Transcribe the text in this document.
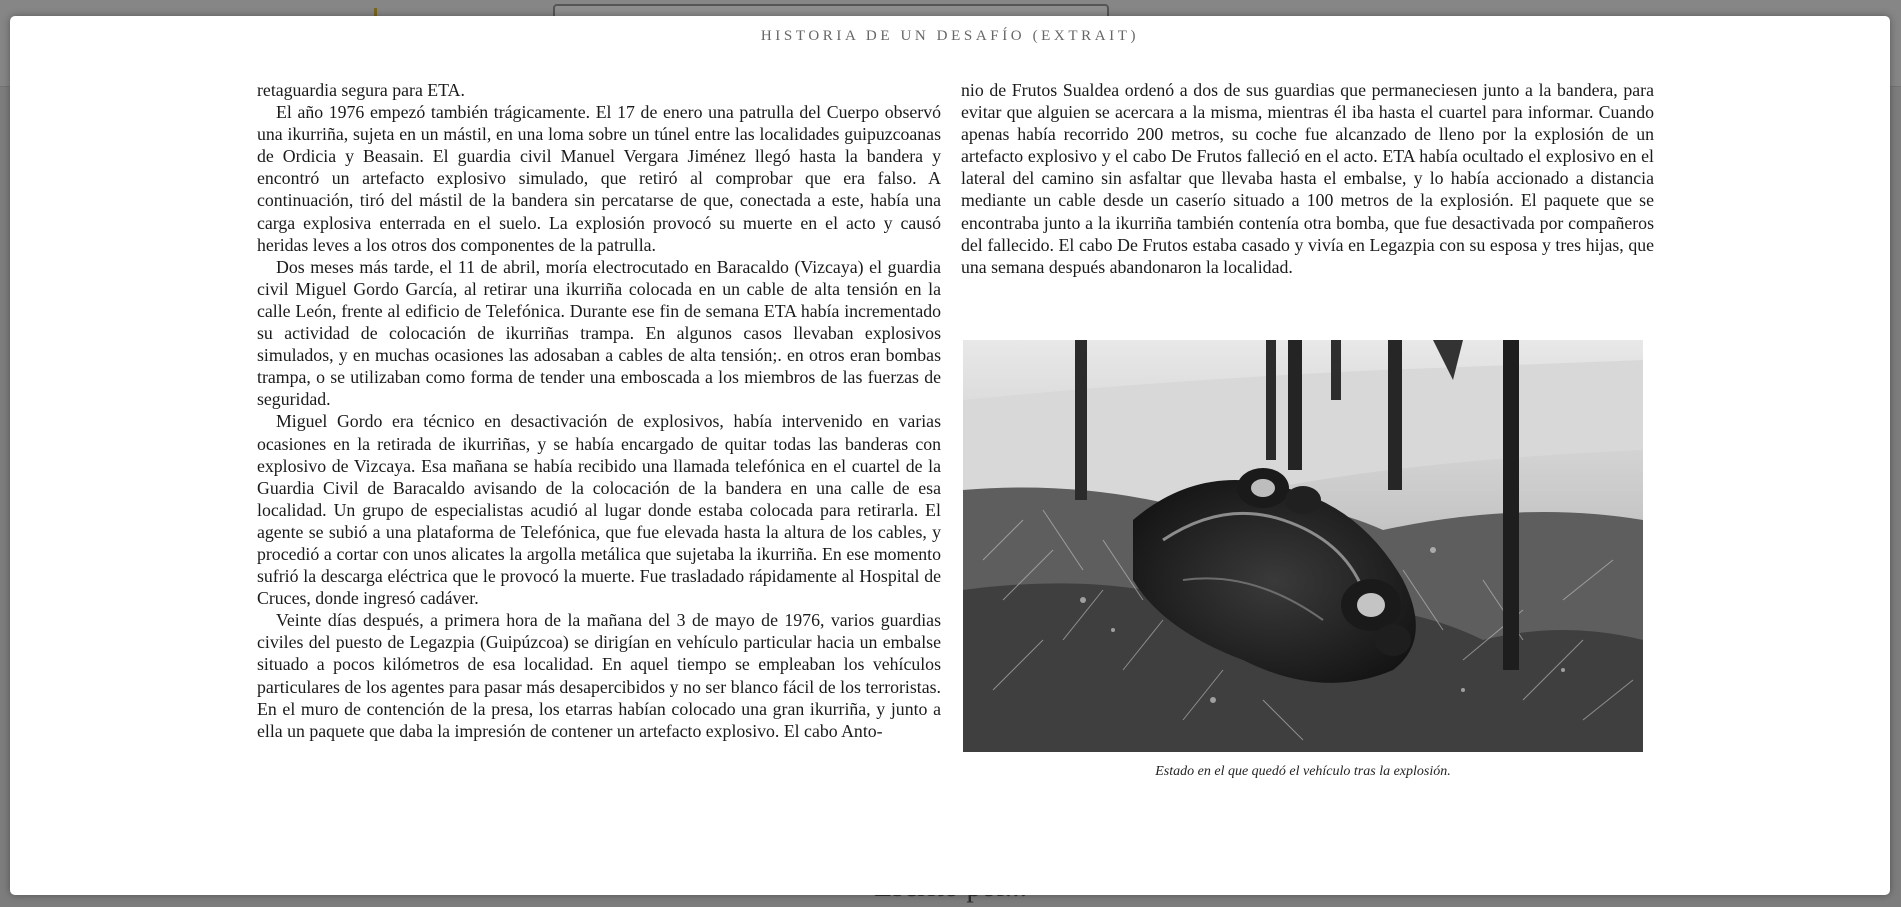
HISTORIA DE UN DESAFÍO (EXTRAIT)

retaguardia segura para ETA.

El año 1976 empezó también trágicamente. El 17 de enero una patrulla del Cuerpo observó una ikurriña, sujeta en un mástil, en una loma sobre un túnel entre las localidades guipuzcoanas de Ordicia y Beasain. El guardia civil Manuel Vergara Jiménez llegó hasta la bandera y encontró un artefacto explosivo simulado, que retiró al comprobar que era falso. A continuación, tiró del mástil de la bandera sin percatarse de que, conectada a este, había una carga explosiva enterrada en el suelo. La explosión provocó su muerte en el acto y causó heridas leves a los otros dos componentes de la patrulla.

Dos meses más tarde, el 11 de abril, moría electrocutado en Baracaldo (Vizcaya) el guardia civil Miguel Gordo García, al retirar una ikurriña colocada en un cable de alta tensión en la calle León, frente al edificio de Telefónica. Durante ese fin de semana ETA había incrementado su actividad de colocación de ikurriñas trampa. En algunos casos llevaban explosivos simulados, y en muchas ocasiones las adosaban a cables de alta tensión;. en otros eran bombas trampa, o se utilizaban como forma de tender una emboscada a los miembros de las fuerzas de seguridad.

Miguel Gordo era técnico en desactivación de explosivos, había intervenido en varias ocasiones en la retirada de ikurriñas, y se había encargado de quitar todas las banderas con explosivo de Vizcaya. Esa mañana se había recibido una llamada telefónica en el cuartel de la Guardia Civil de Baracaldo avisando de la colocación de la bandera en una calle de esa localidad. Un grupo de especialistas acudió al lugar donde estaba colocada para retirarla. El agente se subió a una plataforma de Telefónica, que fue elevada hasta la altura de los cables, y procedió a cortar con unos alicates la argolla metálica que sujetaba la ikurriña. En ese momento sufrió la descarga eléctrica que le provocó la muerte. Fue trasladado rápidamente al Hospital de Cruces, donde ingresó cadáver.

Veinte días después, a primera hora de la mañana del 3 de mayo de 1976, varios guardias civiles del puesto de Legazpia (Guipúzcoa) se dirigían en vehículo particular hacia un embalse situado a pocos kilómetros de esa localidad. En aquel tiempo se empleaban los vehículos particulares de los agentes para pasar más desapercibidos y no ser blanco fácil de los terroristas. En el muro de contención de la presa, los etarras habían colocado una gran ikurriña, y junto a ella un paquete que daba la impresión de contener un artefacto explosivo. El cabo Anto-

nio de Frutos Sualdea ordenó a dos de sus guardias que permaneciesen junto a la bandera, para evitar que alguien se acercara a la misma, mientras él iba hasta el cuartel para informar. Cuando apenas había recorrido 200 metros, su coche fue alcanzado de lleno por la explosión de un artefacto explosivo y el cabo De Frutos falleció en el acto. ETA había ocultado el explosivo en el lateral del camino sin asfaltar que llevaba hasta el embalse, y lo había accionado a distancia mediante un cable desde un caserío situado a 100 metros de la explosión. El paquete que se encontraba junto a la ikurriña también contenía otra bomba, que fue desactivada por compañeros del fallecido. El cabo De Frutos estaba casado y vivía en Legazpia con su esposa y tres hijas, que una semana después abandonaron la localidad.

Estado en el que quedó el vehículo tras la explosión.
